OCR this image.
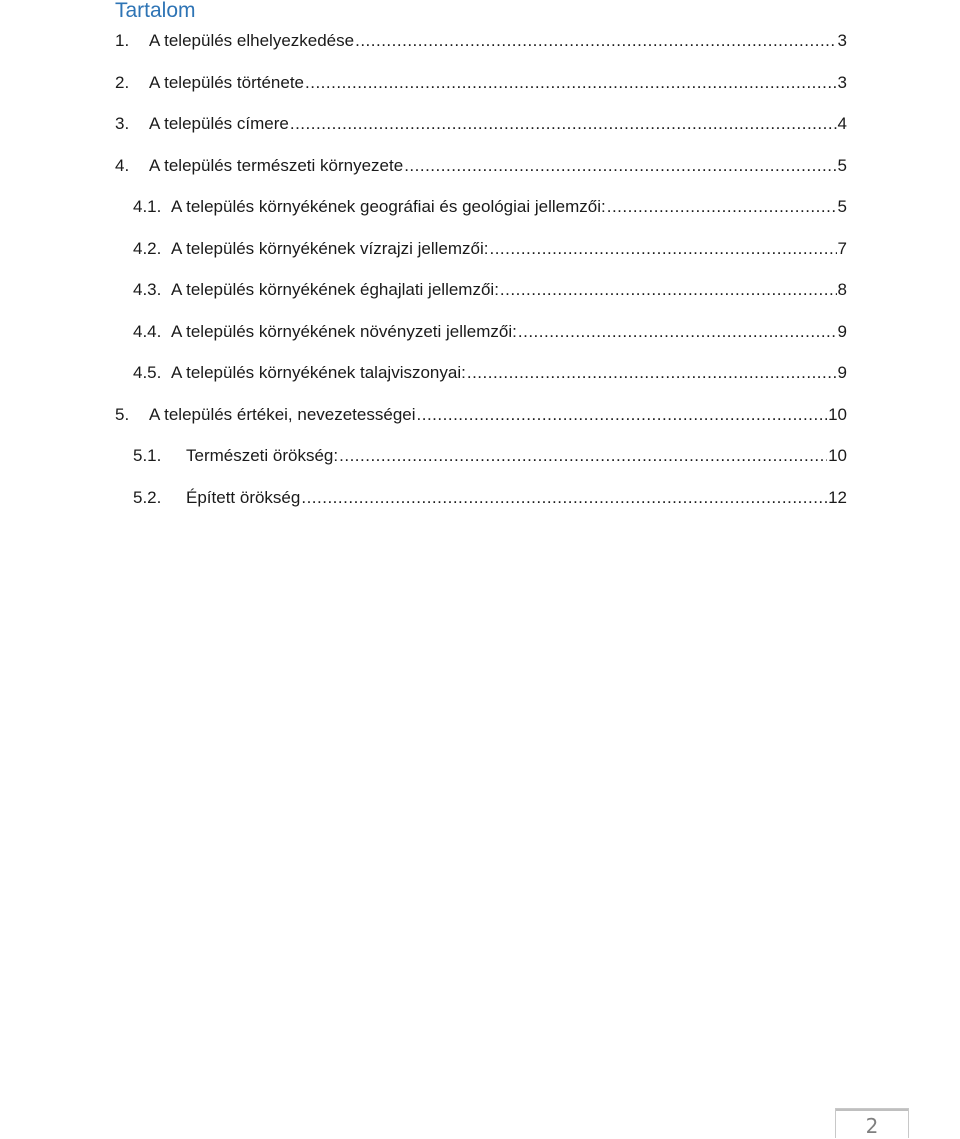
Tartalom
1. A település elhelyezkedése .....	3
2. A település története .....	3
3. A település címere .....	4
4. A település természeti környezete .....	5
4.1. A település környékének geográfiai és geológiai jellemzői: .....	5
4.2. A település környékének vízrajzi jellemzői: .....	7
4.3. A település környékének éghajlati jellemzői: .....	8
4.4. A település környékének növényzeti jellemzői: .....	9
4.5. A település környékének talajviszonyai: .....	9
5. A település értékei, nevezetességei .....	10
5.1. Természeti örökség: .....	10
5.2. Épített örökség .....	12
2
